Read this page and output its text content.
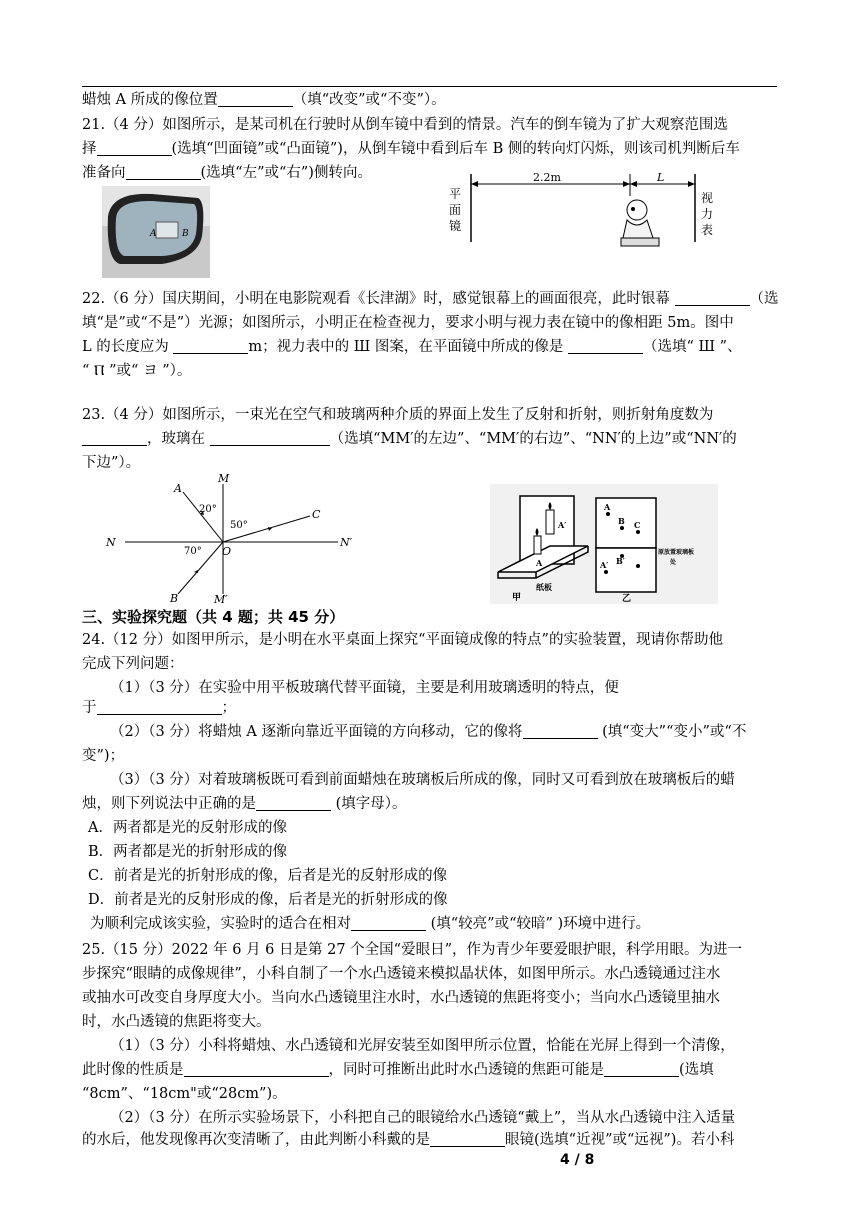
蜡烛 A 所成的像位置	（填“改变”或“不变”）。
21.（4 分）如图所示，是某司机在行驶时从倒车镜中看到的情景。汽车的倒车镜为了扩大观察范围选
择	(选填“凹面镜”或“凸面镜”)，从倒车镜中看到后车 B 侧的转向灯闪烁，则该司机判断后车
准备向	(选填“左”或“右”)侧转向。
A	B
2.2m	L
平
面
镜
视
力
表
22.（6 分）国庆期间，小明在电影院观看《长津湖》时，感觉银幕上的画面很亮，此时银幕	（选
填“是”或“不是”）光源；如图所示，小明正在检查视力，要求小明与视力表在镜中的像相距 5m。图中
L 的长度应为	m；视力表中的 Ш 图案，在平面镜中所成的像是	（选填“ Ш ”、
“ Ⲡ ”或“ ヨ ”）。
23.（4 分）如图所示，一束光在空气和玻璃两种介质的界面上发生了反射和折射，则折射角度数为
，玻璃在	（选填“MM′的左边”、“MM′的右边”、“NN′的上边”或“NN′的
下边”）。
M
M′
N	N′
O
A
B
C
20°
50°
70°
A′
A
纸板
甲
A
B C
A′ B′
原放置玻璃板
处
乙
三、实验探究题（共 4 题；共 45 分）
24.（12 分）如图甲所示，是小明在水平桌面上探究“平面镜成像的特点”的实验装置，现请你帮助他
完成下列问题：
（1）（3 分）在实验中用平板玻璃代替平面镜，主要是利用玻璃透明的特点，便
于	；
（2）（3 分）将蜡烛 A 逐渐向靠近平面镜的方向移动，它的像将	(填“变大”“变小”或“不
变”)；
（3）（3 分）对着玻璃板既可看到前面蜡烛在玻璃板后所成的像，同时又可看到放在玻璃板后的蜡
烛，则下列说法中正确的是	(填字母）。
A．两者都是光的反射形成的像
B．两者都是光的折射形成的像
C．前者是光的折射形成的像，后者是光的反射形成的像
D．前者是光的反射形成的像，后者是光的折射形成的像
为顺利完成该实验，实验时的适合在相对	(填“较亮”或“较暗” )环境中进行。
25.（15 分）2022 年 6 月 6 日是第 27 个全国“爱眼日”，作为青少年要爱眼护眼，科学用眼。为进一
步探究“眼睛的成像规律”，小科自制了一个水凸透镜来模拟晶状体，如图甲所示。水凸透镜通过注水
或抽水可改变自身厚度大小。当向水凸透镜里注水时，水凸透镜的焦距将变小；当向水凸透镜里抽水
时，水凸透镜的焦距将变大。
（1）（3 分）小科将蜡烛、水凸透镜和光屏安装至如图甲所示位置，恰能在光屏上得到一个清像，
此时像的性质是	，同时可推断出此时水凸透镜的焦距可能是	(选填
“8cm”、“18cm"或“28cm”)。
（2）（3 分）在所示实验场景下，小科把自己的眼镜给水凸透镜“戴上”，当从水凸透镜中注入适量
的水后，他发现像再次变清晰了，由此判断小科戴的是	眼镜(选填“近视”或“远视”)。若小科
4 / 8
